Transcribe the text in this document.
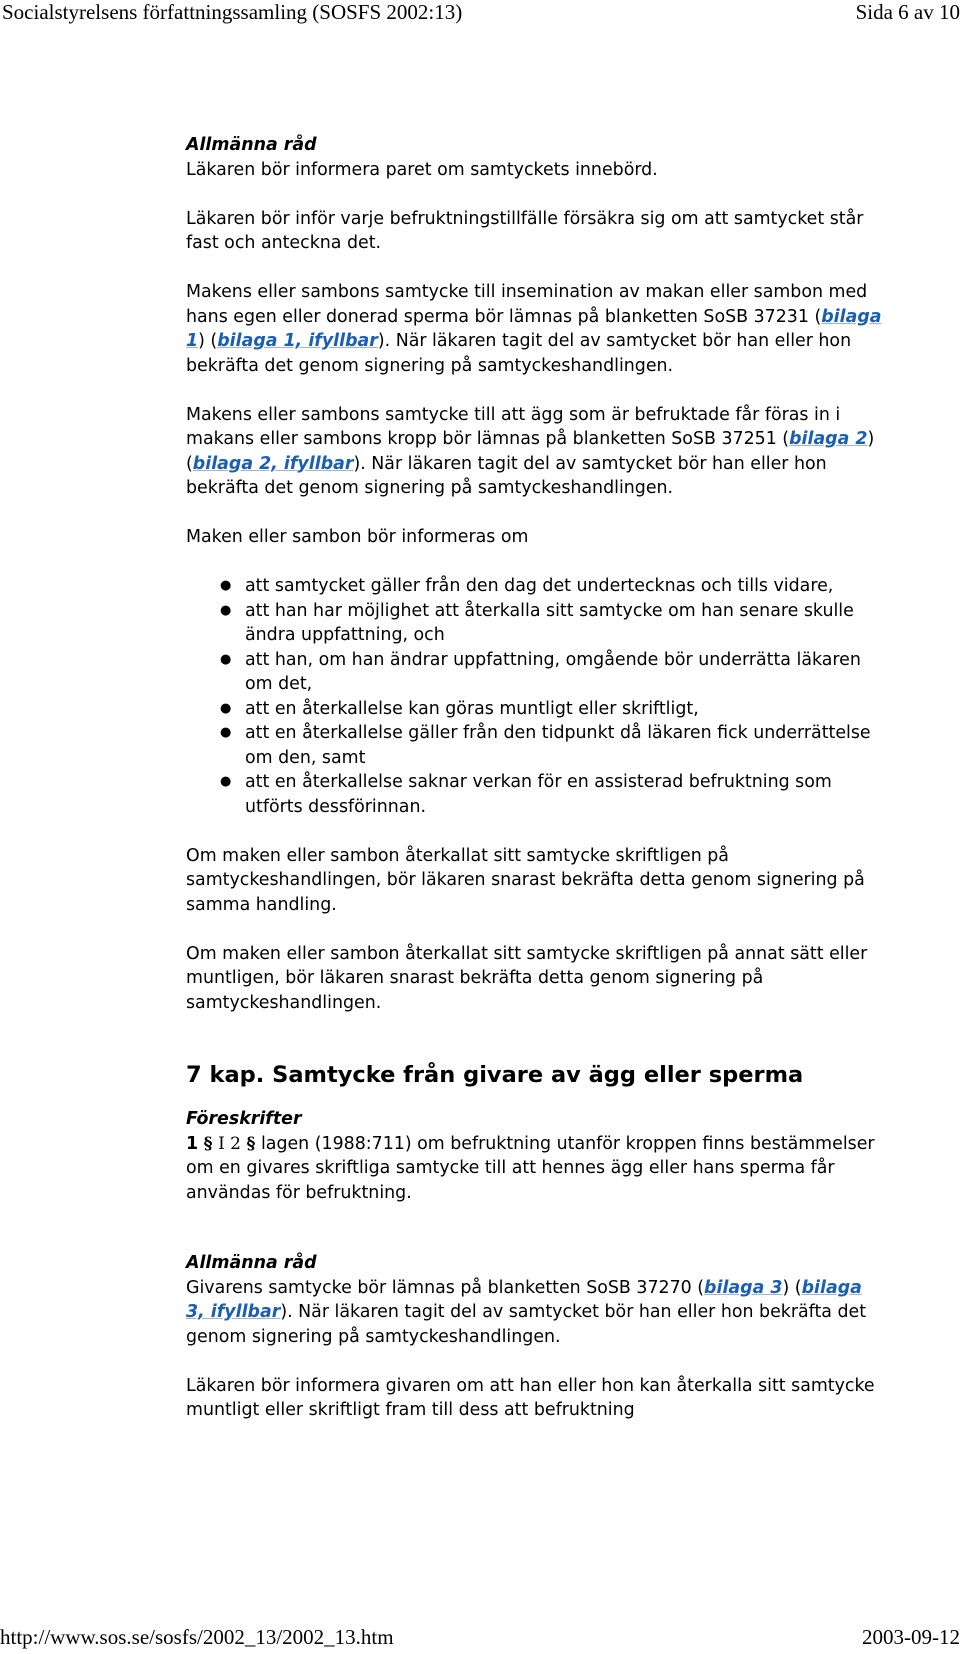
Socialstyrelsens författningssamling (SOSFS 2002:13)	Sida 6 av 10

Allmänna råd

Läkaren bör informera paret om samtyckets innebörd.

Läkaren bör inför varje befruktningstillfälle försäkra sig om att samtycket står fast och anteckna det.

Makens eller sambons samtycke till insemination av makan eller sambon med hans egen eller donerad sperma bör lämnas på blanketten SoSB 37231 (bilaga 1) (bilaga 1, ifyllbar). När läkaren tagit del av samtycket bör han eller hon bekräfta det genom signering på samtyckeshandlingen.

Makens eller sambons samtycke till att ägg som är befruktade får föras in i makans eller sambons kropp bör lämnas på blanketten SoSB 37251 (bilaga 2) (bilaga 2, ifyllbar). När läkaren tagit del av samtycket bör han eller hon bekräfta det genom signering på samtyckeshandlingen.

Maken eller sambon bör informeras om

● att samtycket gäller från den dag det undertecknas och tills vidare,
● att han har möjlighet att återkalla sitt samtycke om han senare skulle ändra uppfattning, och
● att han, om han ändrar uppfattning, omgående bör underrätta läkaren om det,
● att en återkallelse kan göras muntligt eller skriftligt,
● att en återkallelse gäller från den tidpunkt då läkaren fick underrättelse om den, samt
● att en återkallelse saknar verkan för en assisterad befruktning som utförts dessförinnan.

Om maken eller sambon återkallat sitt samtycke skriftligen på samtyckeshandlingen, bör läkaren snarast bekräfta detta genom signering på samma handling.

Om maken eller sambon återkallat sitt samtycke skriftligen på annat sätt eller muntligen, bör läkaren snarast bekräfta detta genom signering på samtyckeshandlingen.

7 kap. Samtycke från givare av ägg eller sperma

Föreskrifter

1 § I 2 § lagen (1988:711) om befruktning utanför kroppen finns bestämmelser om en givares skriftliga samtycke till att hennes ägg eller hans sperma får användas för befruktning.

Allmänna råd

Givarens samtycke bör lämnas på blanketten SoSB 37270 (bilaga 3) (bilaga 3, ifyllbar). När läkaren tagit del av samtycket bör han eller hon bekräfta det genom signering på samtyckeshandlingen.

Läkaren bör informera givaren om att han eller hon kan återkalla sitt samtycke muntligt eller skriftligt fram till dess att befruktning

http://www.sos.se/sosfs/2002_13/2002_13.htm	2003-09-12
